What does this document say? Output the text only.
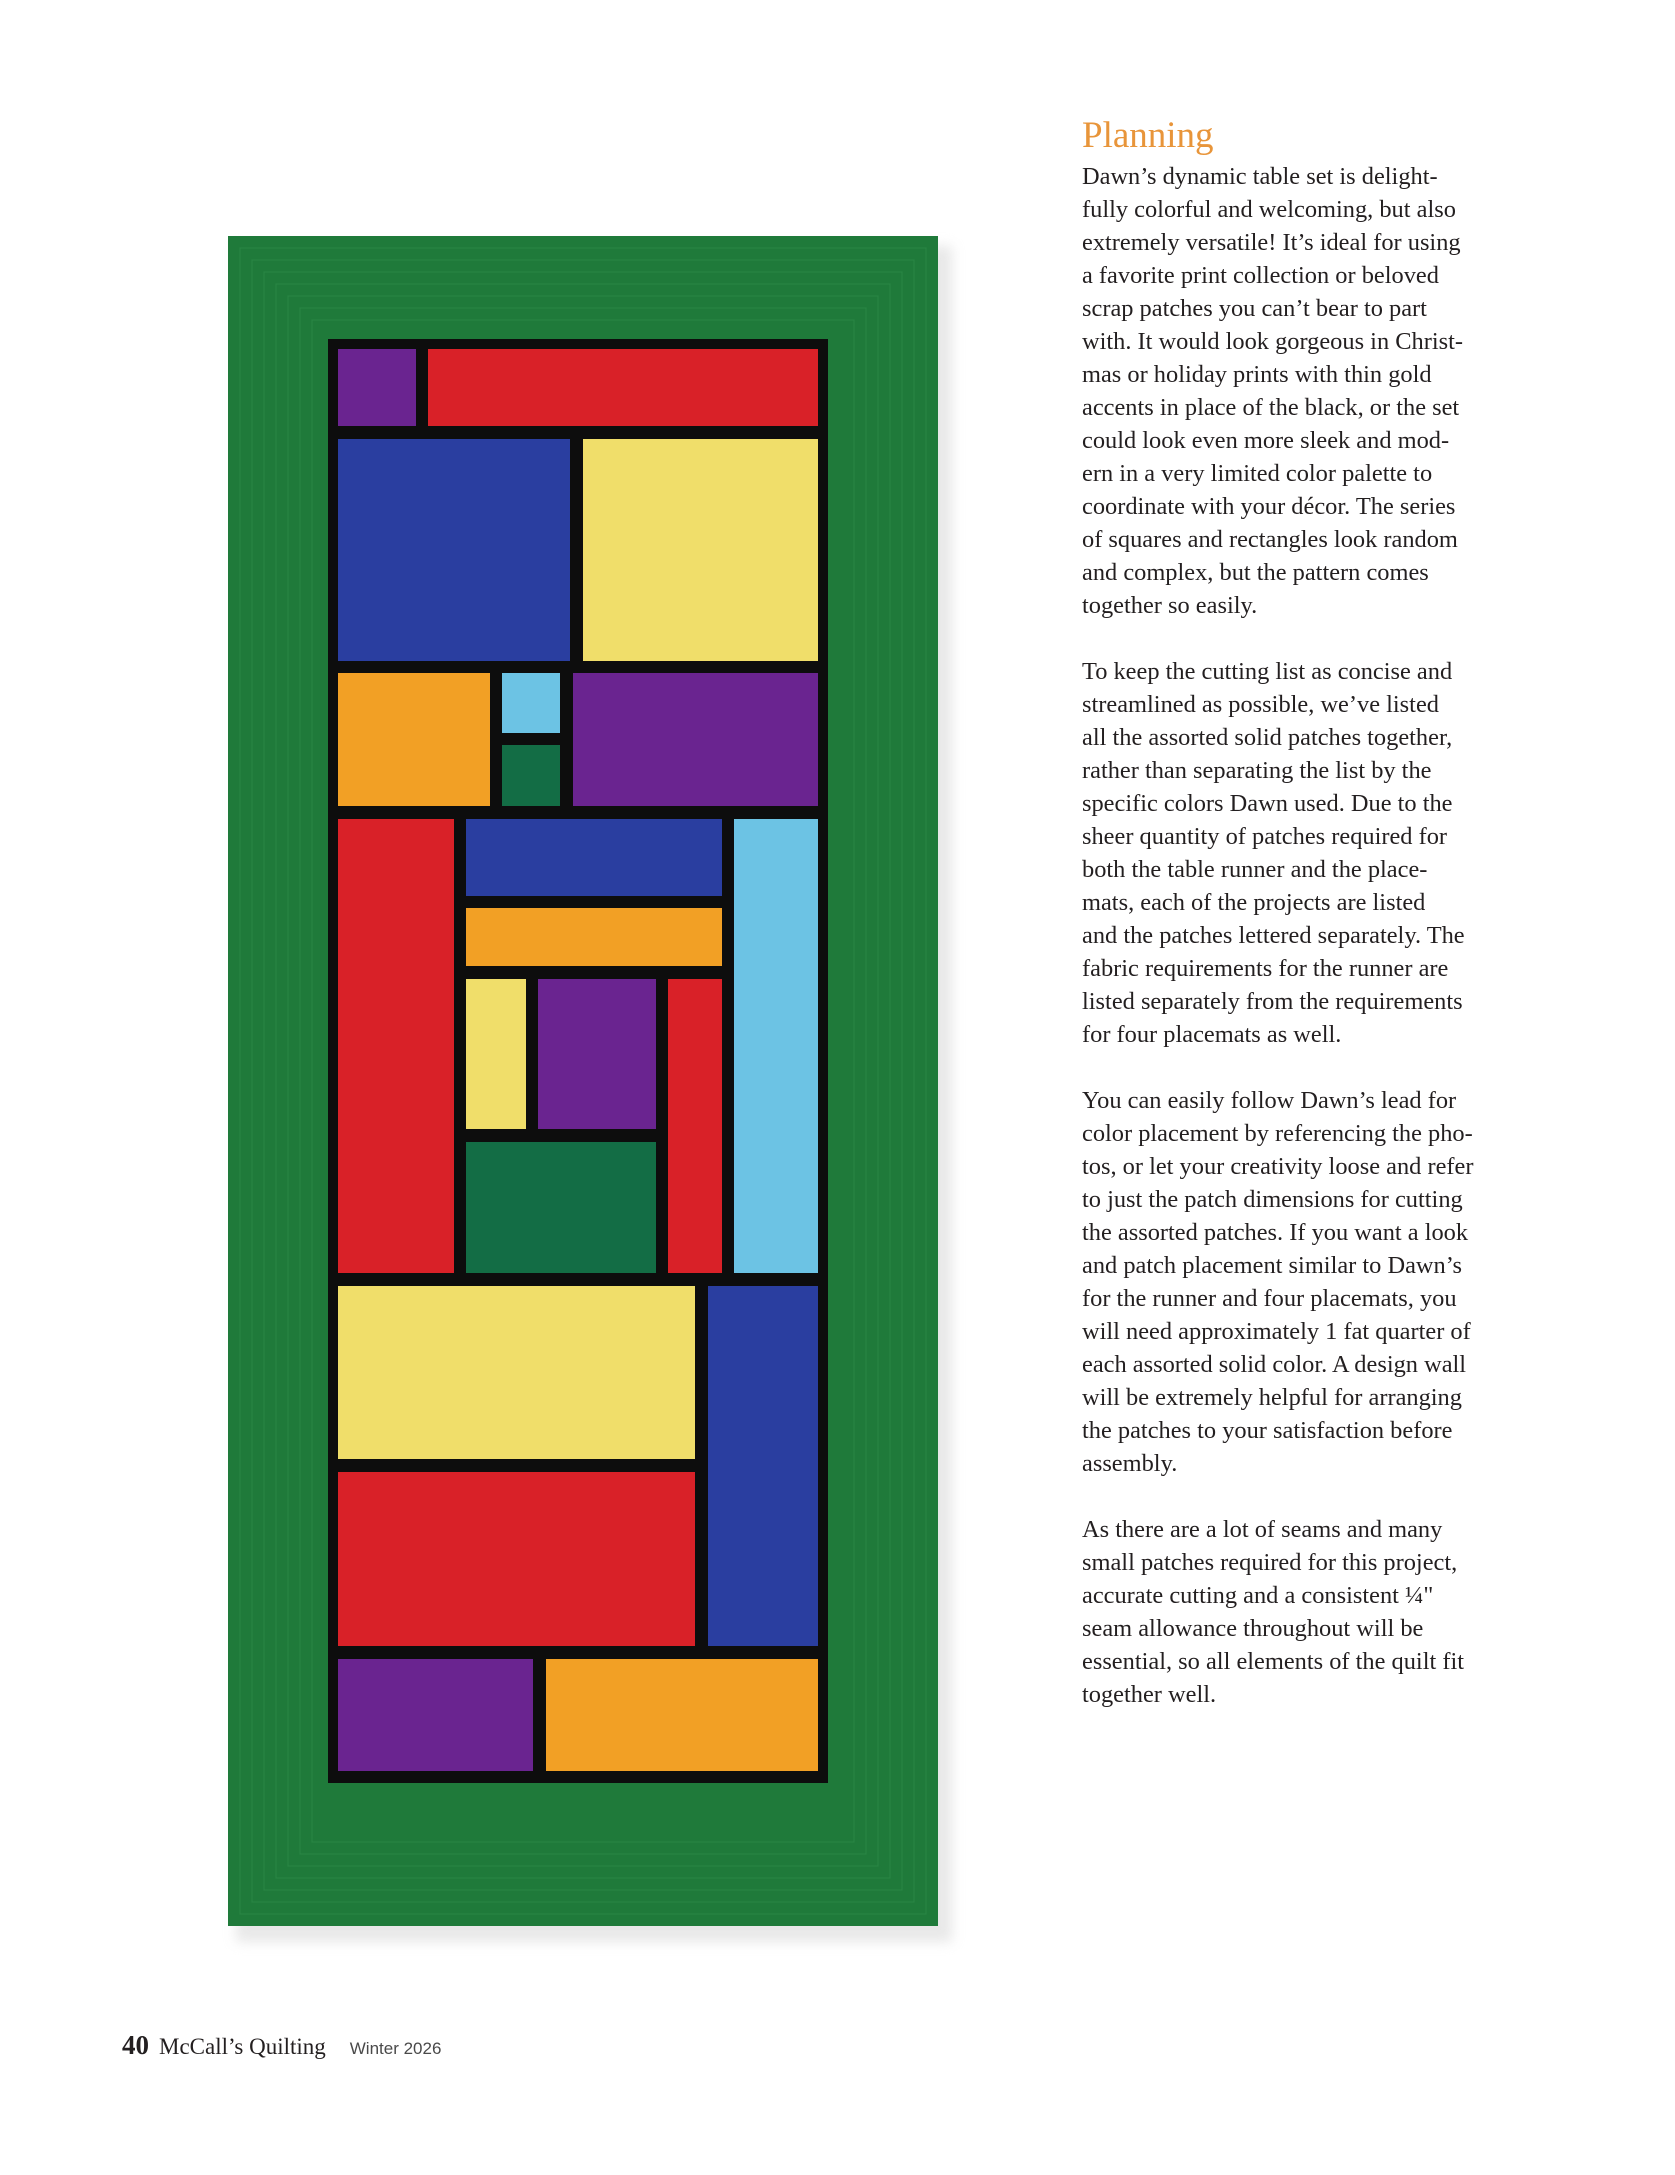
Planning
Dawn’s dynamic table set is delight-
fully colorful and welcoming, but also
extremely versatile! It’s ideal for using
a favorite print collection or beloved
scrap patches you can’t bear to part
with. It would look gorgeous in Christ-
mas or holiday prints with thin gold
accents in place of the black, or the set
could look even more sleek and mod-
ern in a very limited color palette to
coordinate with your décor. The series
of squares and rectangles look random
and complex, but the pattern comes
together so easily.
To keep the cutting list as concise and
streamlined as possible, we’ve listed
all the assorted solid patches together,
rather than separating the list by the
specific colors Dawn used. Due to the
sheer quantity of patches required for
both the table runner and the place-
mats, each of the projects are listed
and the patches lettered separately. The
fabric requirements for the runner are
listed separately from the requirements
for four placemats as well.
You can easily follow Dawn’s lead for
color placement by referencing the pho-
tos, or let your creativity loose and refer
to just the patch dimensions for cutting
the assorted patches. If you want a look
and patch placement similar to Dawn’s
for the runner and four placemats, you
will need approximately 1 fat quarter of
each assorted solid color. A design wall
will be extremely helpful for arranging
the patches to your satisfaction before
assembly.
As there are a lot of seams and many
small patches required for this project,
accurate cutting and a consistent ¼"
seam allowance throughout will be
essential, so all elements of the quilt fit
together well.
40 McCall’s Quilting Winter 2026
